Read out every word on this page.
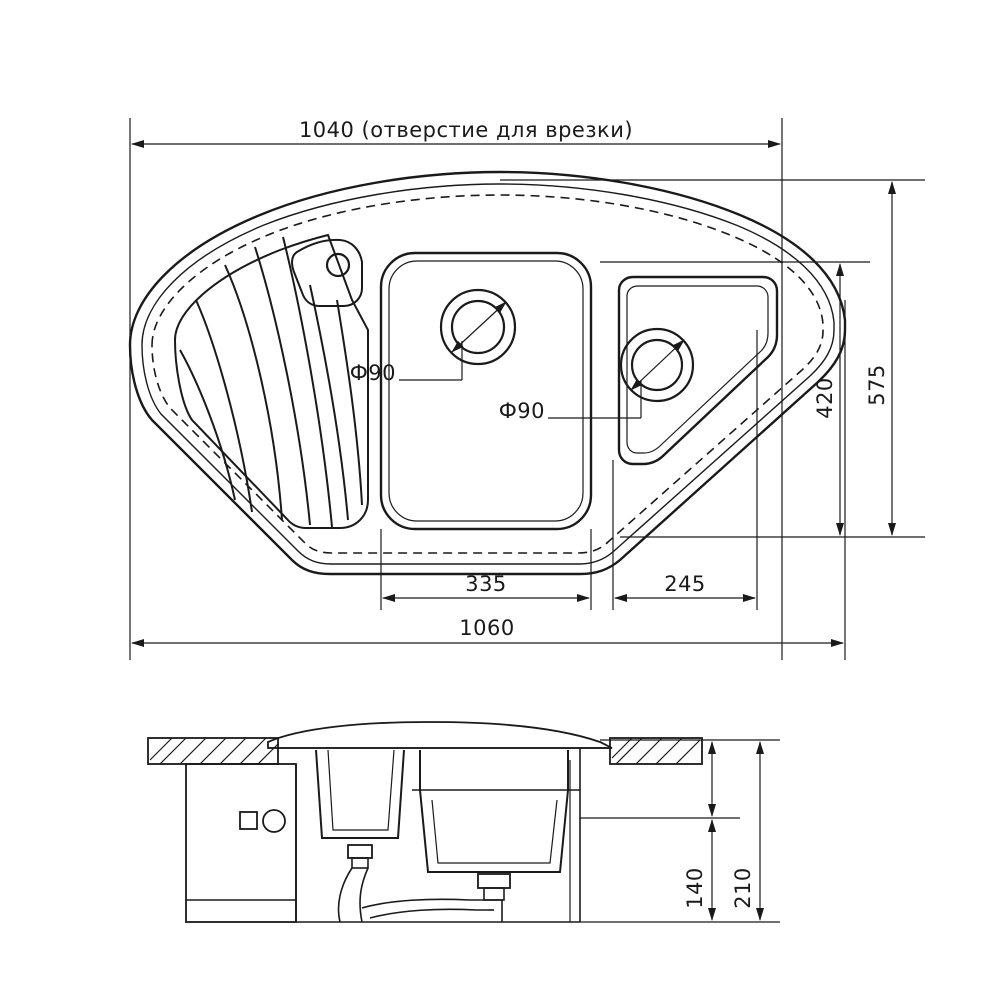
1040 (отверстие для врезки)
1060
575
420
335	245
Ф90
Ф90
140 210
